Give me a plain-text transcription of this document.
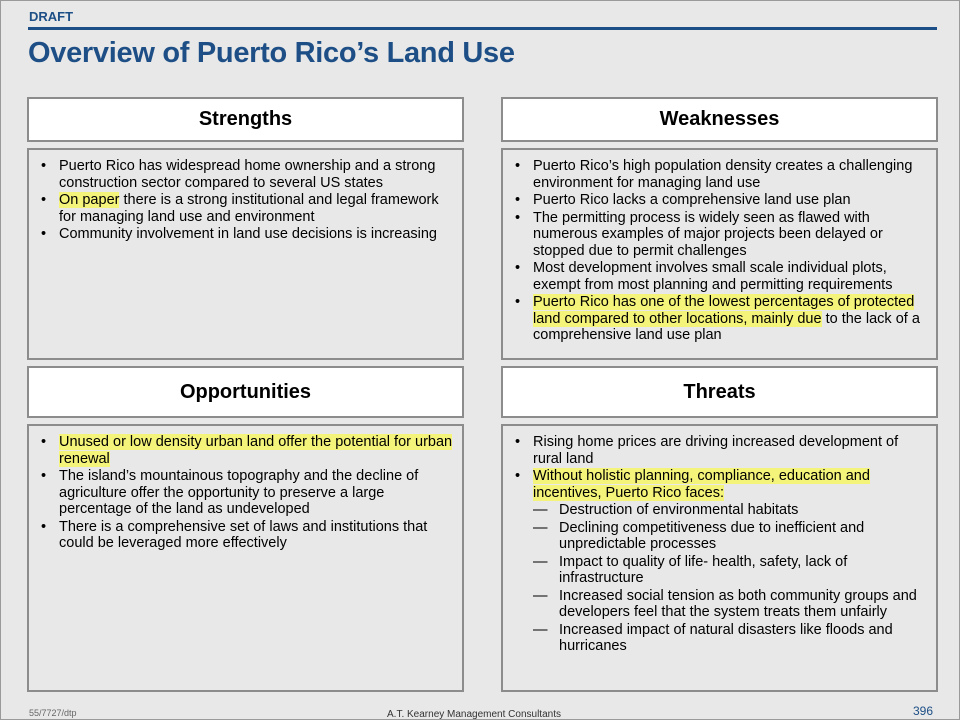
DRAFT
Overview of Puerto Rico’s Land Use
Strengths
• Puerto Rico has widespread home ownership and a strong construction sector compared to several US states
• On paper there is a strong institutional and legal framework for managing land use and environment
• Community involvement in land use decisions is increasing
Weaknesses
• Puerto Rico’s high population density creates a challenging environment for managing land use
• Puerto Rico lacks a comprehensive land use plan
• The permitting process is widely seen as flawed with numerous examples of major projects been delayed or stopped due to permit challenges
• Most development involves small scale individual plots, exempt from most planning and permitting requirements
• Puerto Rico has one of the lowest percentages of protected land compared to other locations, mainly due to the lack of a comprehensive land use plan
Opportunities
• Unused or low density urban land offer the potential for urban renewal
• The island’s mountainous topography and the decline of agriculture offer the opportunity to preserve a large percentage of the land as undeveloped
• There is a comprehensive set of laws and institutions that could be leveraged more effectively
Threats
• Rising home prices are driving increased development of rural land
• Without holistic planning, compliance, education and incentives, Puerto Rico faces:
— Destruction of environmental habitats
— Declining competitiveness due to inefficient and unpredictable processes
— Impact to quality of life- health, safety, lack of infrastructure
— Increased social tension as both community groups and developers feel that the system treats them unfairly
— Increased impact of natural disasters like floods and hurricanes
55/7727/dtp	A.T. Kearney Management Consultants	396
